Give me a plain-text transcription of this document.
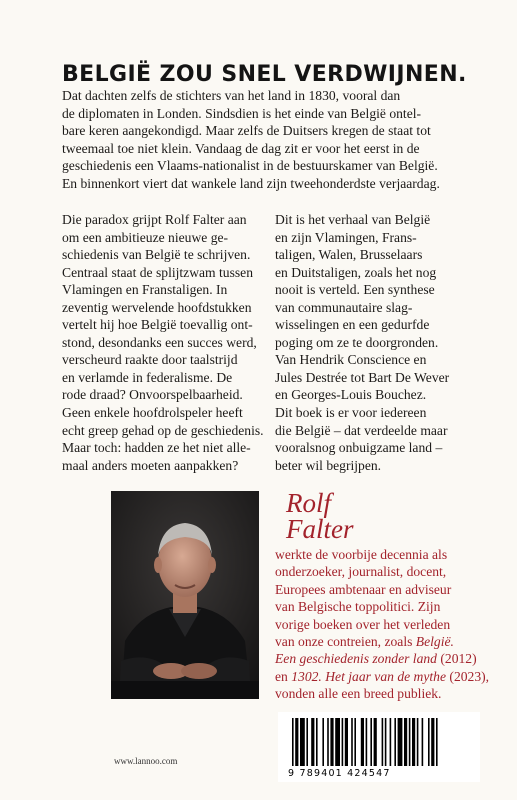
BELGIË ZOU SNEL VERDWIJNEN.
Dat dachten zelfs de stichters van het land in 1830, vooral dan
de diplomaten in Londen. Sindsdien is het einde van België ontel-
bare keren aangekondigd. Maar zelfs de Duitsers kregen de staat tot
tweemaal toe niet klein. Vandaag de dag zit er voor het eerst in de
geschiedenis een Vlaams-nationalist in de bestuurskamer van België.
En binnenkort viert dat wankele land zijn tweehonderdste verjaardag.
Die paradox grijpt Rolf Falter aan
om een ambitieuze nieuwe ge-
schiedenis van België te schrijven.
Centraal staat de splijtzwam tussen
Vlamingen en Franstaligen. In
zeventig wervelende hoofdstukken
vertelt hij hoe België toevallig ont-
stond, desondanks een succes werd,
verscheurd raakte door taalstrijd
en verlamde in federalisme. De
rode draad? Onvoorspelbaarheid.
Geen enkele hoofdrolspeler heeft
echt greep gehad op de geschiedenis.
Maar toch: hadden ze het niet alle-
maal anders moeten aanpakken?
Dit is het verhaal van België
en zijn Vlamingen, Frans-
taligen, Walen, Brusselaars
en Duitstaligen, zoals het nog
nooit is verteld. Een synthese
van communautaire slag-
wisselingen en een gedurfde
poging om ze te doorgronden.
Van Hendrik Conscience en
Jules Destrée tot Bart De Wever
en Georges-Louis Bouchez.
Dit boek is er voor iedereen
die België – dat verdeelde maar
vooralsnog onbuigzame land –
beter wil begrijpen.
Rolf
Falter
werkte de voorbije decennia als
onderzoeker, journalist, docent,
Europees ambtenaar en adviseur
van Belgische toppolitici. Zijn
vorige boeken over het verleden
van onze contreien, zoals België.
Een geschiedenis zonder land (2012)
en 1302. Het jaar van de mythe (2023),
vonden alle een breed publiek.
www.lannoo.com
9 789401 424547
